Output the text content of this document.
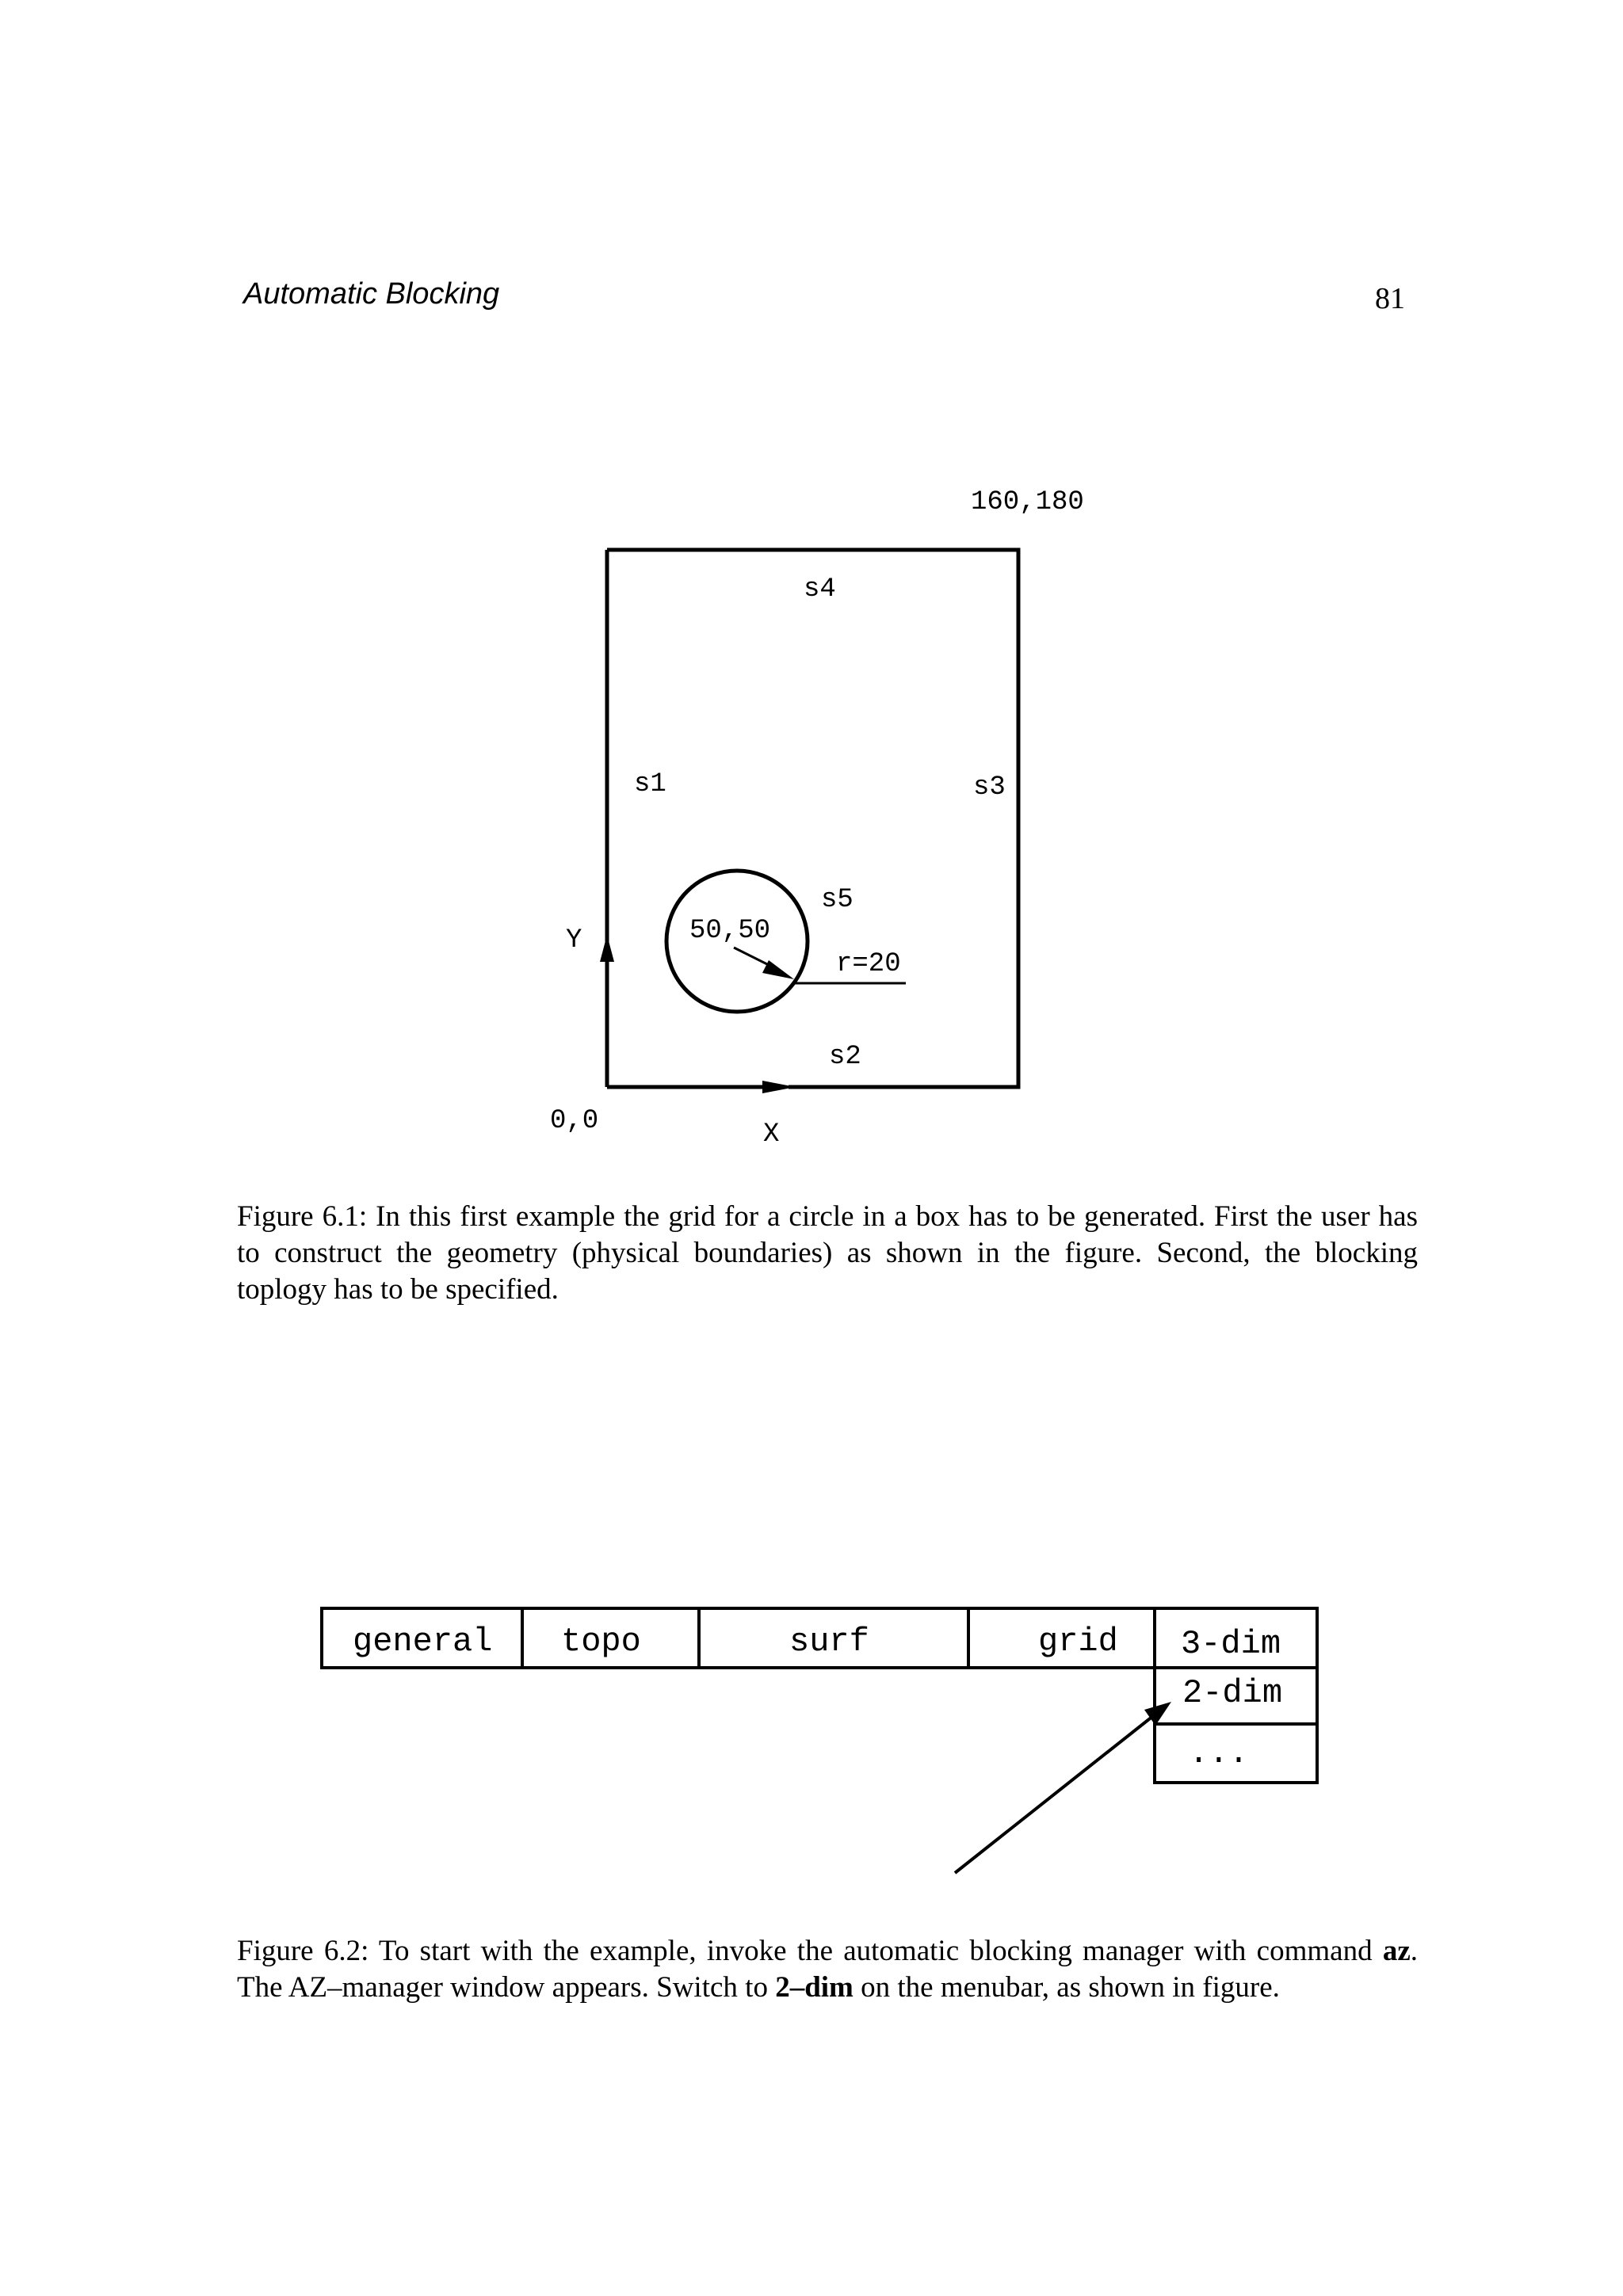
Automatic Blocking	81
160,180
s4
s1	s3
s5
50,50
Y
r=20
s2
0,0	X
general topo	surf	grid 3-dim
2-dim
...
Figure 6.1: In this first example the grid for a circle in a box has to be generated. First the user has to construct the geometry (physical boundaries) as shown in the figure. Second, the blocking toplogy has to be specified.
Figure 6.2: To start with the example, invoke the automatic blocking manager with command az. The AZ–manager window appears. Switch to 2–dim on the menubar, as shown in figure.
